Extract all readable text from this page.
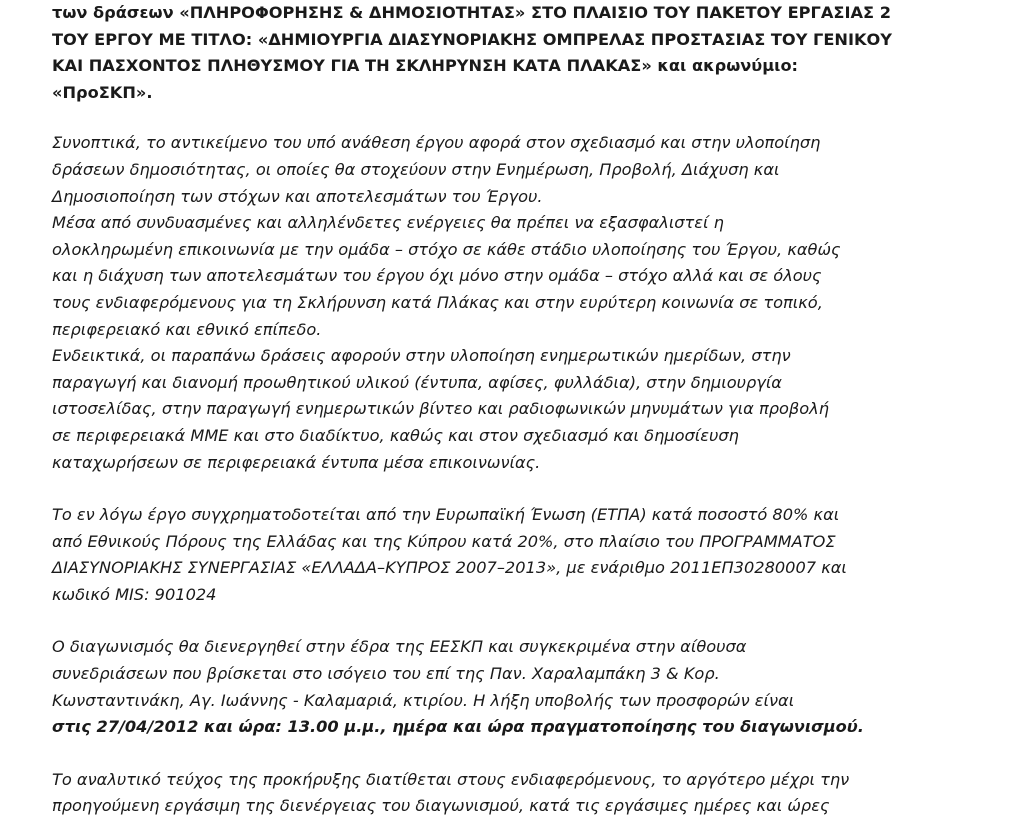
των δράσεων «ΠΛΗΡΟΦΟΡΗΣΗΣ & ΔΗΜΟΣΙΟΤΗΤΑΣ» ΣΤΟ ΠΛΑΙΣΙΟ ΤΟΥ ΠΑΚΕΤΟΥ ΕΡΓΑΣΙΑΣ 2
ΤΟΥ ΕΡΓΟΥ ΜΕ ΤΙΤΛΟ: «ΔΗΜΙΟΥΡΓΙΑ ΔΙΑΣΥΝΟΡΙΑΚΗΣ ΟΜΠΡΕΛΑΣ ΠΡΟΣΤΑΣΙΑΣ ΤΟΥ ΓΕΝΙΚΟΥ
ΚΑΙ ΠΑΣΧΟΝΤΟΣ ΠΛΗΘΥΣΜΟΥ ΓΙΑ ΤΗ ΣΚΛΗΡΥΝΣΗ ΚΑΤΑ ΠΛΑΚΑΣ» και ακρωνύμιο:
«ΠροΣΚΠ».

Συνοπτικά, το αντικείμενο του υπό ανάθεση έργου αφορά στον σχεδιασμό και στην υλοποίηση
δράσεων δημοσιότητας, οι οποίες θα στοχεύουν στην Ενημέρωση, Προβολή, Διάχυση και
Δημοσιοποίηση των στόχων και αποτελεσμάτων του Έργου.

Μέσα από συνδυασμένες και αλληλένδετες ενέργειες θα πρέπει να εξασφαλιστεί η
ολοκληρωμένη επικοινωνία με την ομάδα – στόχο σε κάθε στάδιο υλοποίησης του Έργου, καθώς
και η διάχυση των αποτελεσμάτων του έργου όχι μόνο στην ομάδα – στόχο αλλά και σε όλους
τους ενδιαφερόμενους για τη Σκλήρυνση κατά Πλάκας και στην ευρύτερη κοινωνία σε τοπικό,
περιφερειακό και εθνικό επίπεδο.

Ενδεικτικά, οι παραπάνω δράσεις αφορούν στην υλοποίηση ενημερωτικών ημερίδων, στην
παραγωγή και διανομή προωθητικού υλικού (έντυπα, αφίσες, φυλλάδια), στην δημιουργία
ιστοσελίδας, στην παραγωγή ενημερωτικών βίντεο και ραδιοφωνικών μηνυμάτων για προβολή
σε περιφερειακά ΜΜΕ και στο διαδίκτυο, καθώς και στον σχεδιασμό και δημοσίευση
καταχωρήσεων σε περιφερειακά έντυπα μέσα επικοινωνίας.

Το εν λόγω έργο συγχρηματοδοτείται από την Ευρωπαϊκή Ένωση (ΕΤΠΑ) κατά ποσοστό 80% και
από Εθνικούς Πόρους της Ελλάδας και της Κύπρου κατά 20%, στο πλαίσιο του ΠΡΟΓΡΑΜΜΑΤΟΣ
ΔΙΑΣΥΝΟΡΙΑΚΗΣ ΣΥΝΕΡΓΑΣΙΑΣ «ΕΛΛΑΔΑ–ΚΥΠΡΟΣ 2007–2013», με ενάριθμο 2011ΕΠ30280007 και
κωδικό MIS: 901024

Ο διαγωνισμός θα διενεργηθεί στην έδρα της ΕΕΣΚΠ και συγκεκριμένα στην αίθουσα
συνεδριάσεων που βρίσκεται στο ισόγειο του επί της Παν. Χαραλαμπάκη 3 & Κορ.
Κωνσταντινάκη, Αγ. Ιωάννης - Καλαμαριά, κτιρίου. Η λήξη υποβολής των προσφορών είναι
στις 27/04/2012 και ώρα: 13.00 μ.μ., ημέρα και ώρα πραγματοποίησης του διαγωνισμού.

Το αναλυτικό τεύχος της προκήρυξης διατίθεται στους ενδιαφερόμενους, το αργότερο μέχρι την
προηγούμενη εργάσιμη της διενέργειας του διαγωνισμού, κατά τις εργάσιμες ημέρες και ώρες
